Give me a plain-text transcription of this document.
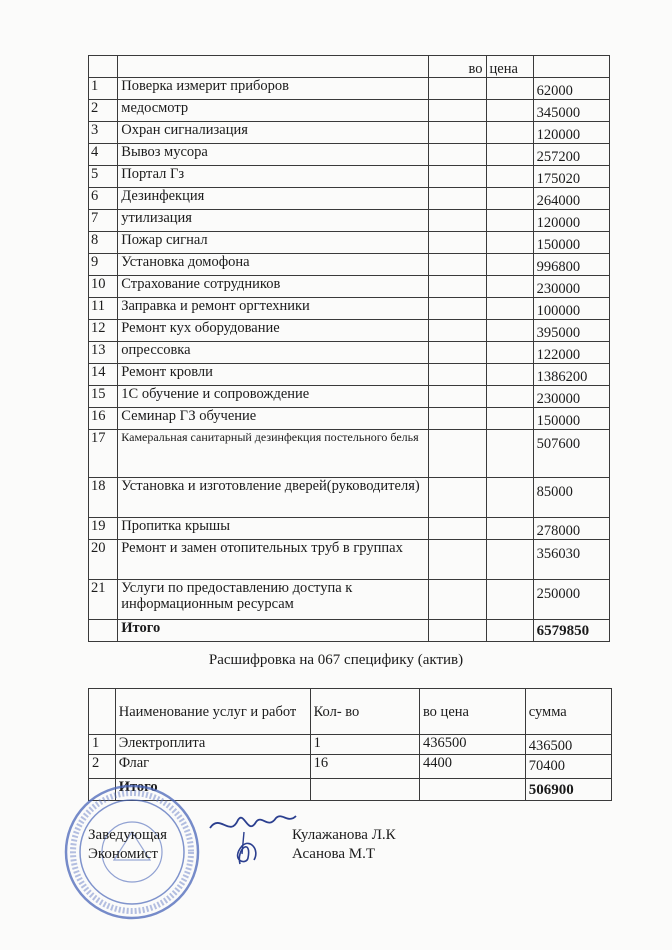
		во	цена	
1	Поверка измерит приборов			62000
2	медосмотр			345000
3	Охран сигнализация			120000
4	Вывоз мусора			257200
5	Портал Гз			175020
6	Дезинфекция			264000
7	утилизация			120000
8	Пожар сигнал			150000
9	Установка домофона			996800
10	Страхование сотрудников			230000
11	Заправка и ремонт оргтехники			100000
12	Ремонт кух оборудование			395000
13	опрессовка			122000
14	Ремонт кровли			1386200
15	1С обучение и сопровождение			230000
16	Семинар ГЗ обучение			150000
17	Камеральная санитарный дезинфекция постельного белья			507600
18	Установка и изготовление дверей(руководителя)			85000
19	Пропитка крышы			278000
20	Ремонт и замен отопительных труб в группах			356030
21	Услуги по предоставлению доступа к информационным ресурсам			250000
	Итого			6579850
Расшифровка на 067 спецификy (актив)
	Наименование услуг и работ	Кол- во	во цена	сумма
1	Электроплита	1	436500	436500
2	Флаг	16	4400	70400
	Итого			506900
Заведующая
Экономист
Кулажанова Л.К
Асанова М.Т
